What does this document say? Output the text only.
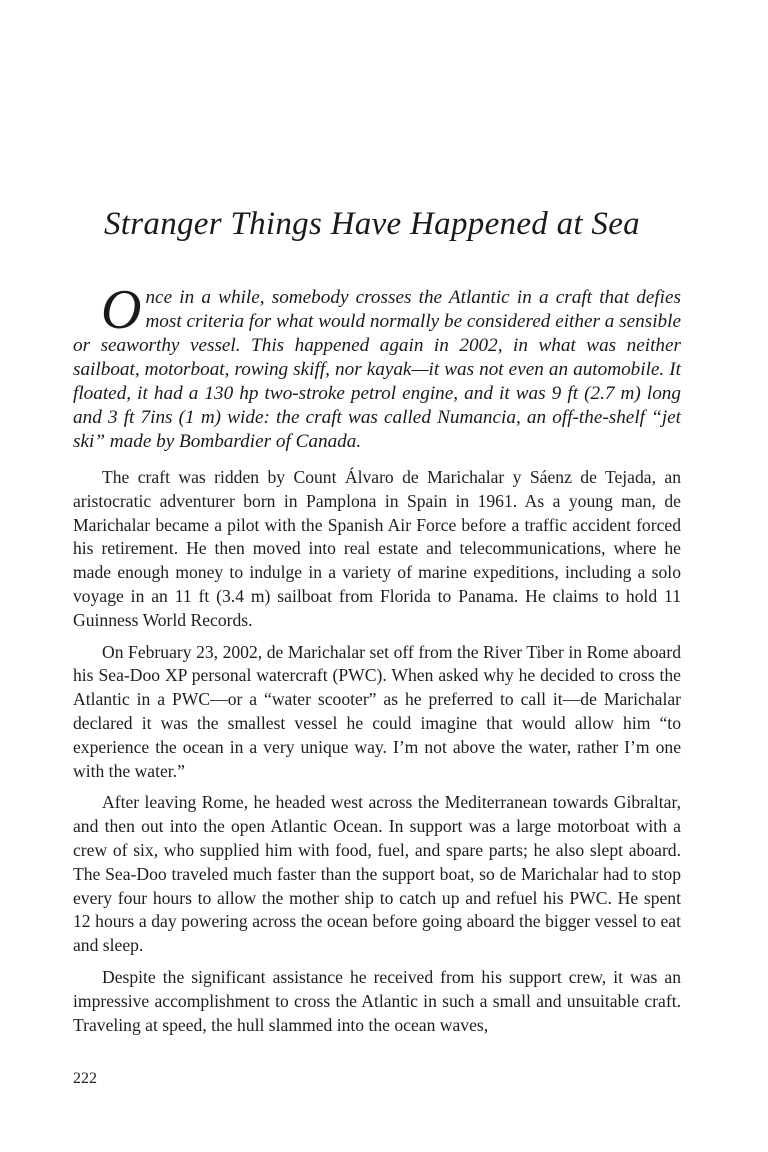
Stranger Things Have Happened at Sea

Once in a while, somebody crosses the Atlantic in a craft that defies most criteria for what would normally be considered either a sensible or seaworthy vessel. This happened again in 2002, in what was neither sailboat, motorboat, rowing skiff, nor kayak—it was not even an automobile. It floated, it had a 130 hp two-stroke petrol engine, and it was 9 ft (2.7 m) long and 3 ft 7ins (1 m) wide: the craft was called Numancia, an off-the-shelf “jet ski” made by Bombardier of Canada.

The craft was ridden by Count Álvaro de Marichalar y Sáenz de Tejada, an aristocratic adventurer born in Pamplona in Spain in 1961. As a young man, de Marichalar became a pilot with the Spanish Air Force before a traffic accident forced his retirement. He then moved into real estate and telecommunications, where he made enough money to indulge in a variety of marine expeditions, including a solo voyage in an 11 ft (3.4 m) sailboat from Florida to Panama. He claims to hold 11 Guinness World Records.

On February 23, 2002, de Marichalar set off from the River Tiber in Rome aboard his Sea-Doo XP personal watercraft (PWC). When asked why he decided to cross the Atlantic in a PWC—or a “water scooter” as he preferred to call it—de Marichalar declared it was the smallest vessel he could imagine that would allow him “to experience the ocean in a very unique way. I’m not above the water, rather I’m one with the water.”

After leaving Rome, he headed west across the Mediterranean towards Gibraltar, and then out into the open Atlantic Ocean. In support was a large motorboat with a crew of six, who supplied him with food, fuel, and spare parts; he also slept aboard. The Sea-Doo traveled much faster than the support boat, so de Marichalar had to stop every four hours to allow the mother ship to catch up and refuel his PWC. He spent 12 hours a day powering across the ocean before going aboard the bigger vessel to eat and sleep.

Despite the significant assistance he received from his support crew, it was an impressive accomplishment to cross the Atlantic in such a small and unsuitable craft. Traveling at speed, the hull slammed into the ocean waves,

222
